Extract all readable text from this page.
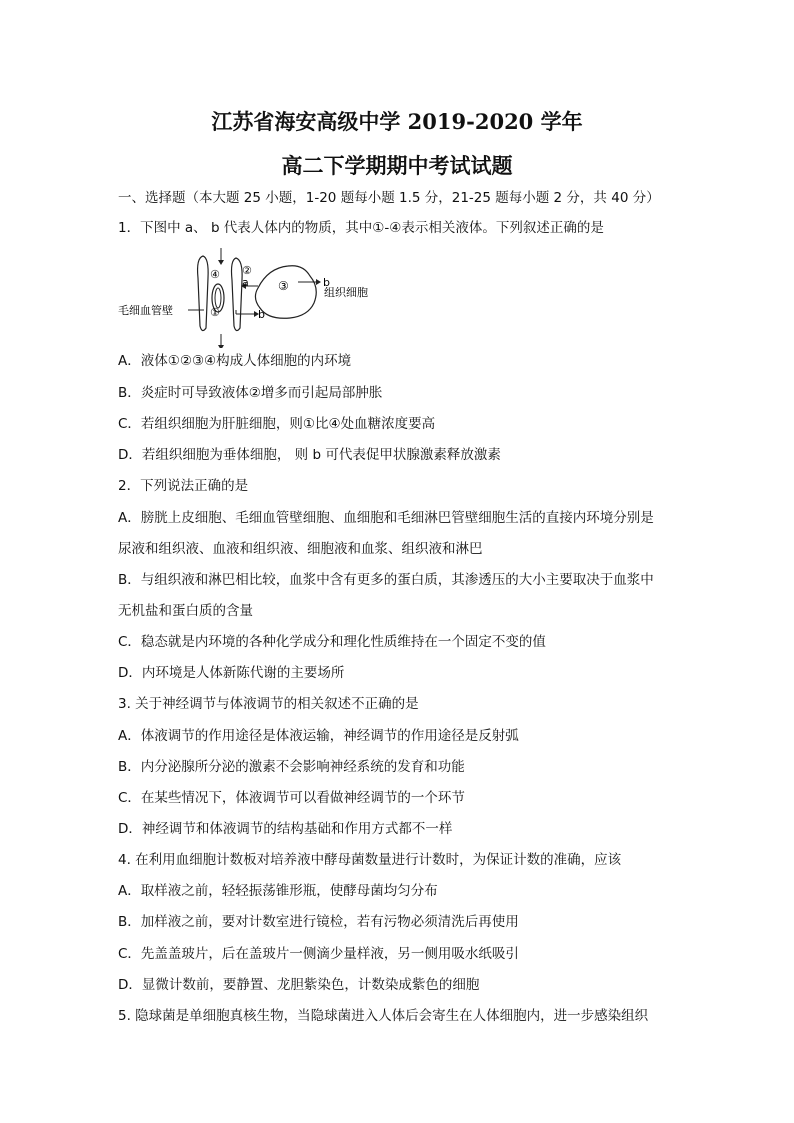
江苏省海安高级中学 2019-2020 学年
高二下学期期中考试试题
一、选择题（本大题 25 小题，1-20 题每小题 1.5 分，21-25 题每小题 2 分，共 40 分）
1．下图中 a、 b 代表人体内的物质，其中①-④表示相关液体。下列叙述正确的是
④ ②
a ③	b
组织细胞
①	b
毛细血管壁
A．液体①②③④构成人体细胞的内环境
B．炎症时可导致液体②增多而引起局部肿胀
C．若组织细胞为肝脏细胞，则①比④处血糖浓度要高
D．若组织细胞为垂体细胞， 则 b 可代表促甲状腺激素释放激素
2．下列说法正确的是
A．膀胱上皮细胞、毛细血管壁细胞、血细胞和毛细淋巴管壁细胞生活的直接内环境分别是
尿液和组织液、血液和组织液、细胞液和血浆、组织液和淋巴
B．与组织液和淋巴相比较，血浆中含有更多的蛋白质，其渗透压的大小主要取决于血浆中
无机盐和蛋白质的含量
C．稳态就是内环境的各种化学成分和理化性质维持在一个固定不变的值
D．内环境是人体新陈代谢的主要场所
3. 关于神经调节与体液调节的相关叙述不正确的是
A．体液调节的作用途径是体液运输，神经调节的作用途径是反射弧
B．内分泌腺所分泌的激素不会影响神经系统的发育和功能
C．在某些情况下，体液调节可以看做神经调节的一个环节
D．神经调节和体液调节的结构基础和作用方式都不一样
4. 在利用血细胞计数板对培养液中酵母菌数量进行计数时，为保证计数的准确，应该
A．取样液之前，轻轻振荡锥形瓶，使酵母菌均匀分布
B．加样液之前，要对计数室进行镜检，若有污物必须清洗后再使用
C．先盖盖玻片，后在盖玻片一侧滴少量样液，另一侧用吸水纸吸引
D．显微计数前，要静置、龙胆紫染色，计数染成紫色的细胞
5. 隐球菌是单细胞真核生物，当隐球菌进入人体后会寄生在人体细胞内，进一步感染组织
